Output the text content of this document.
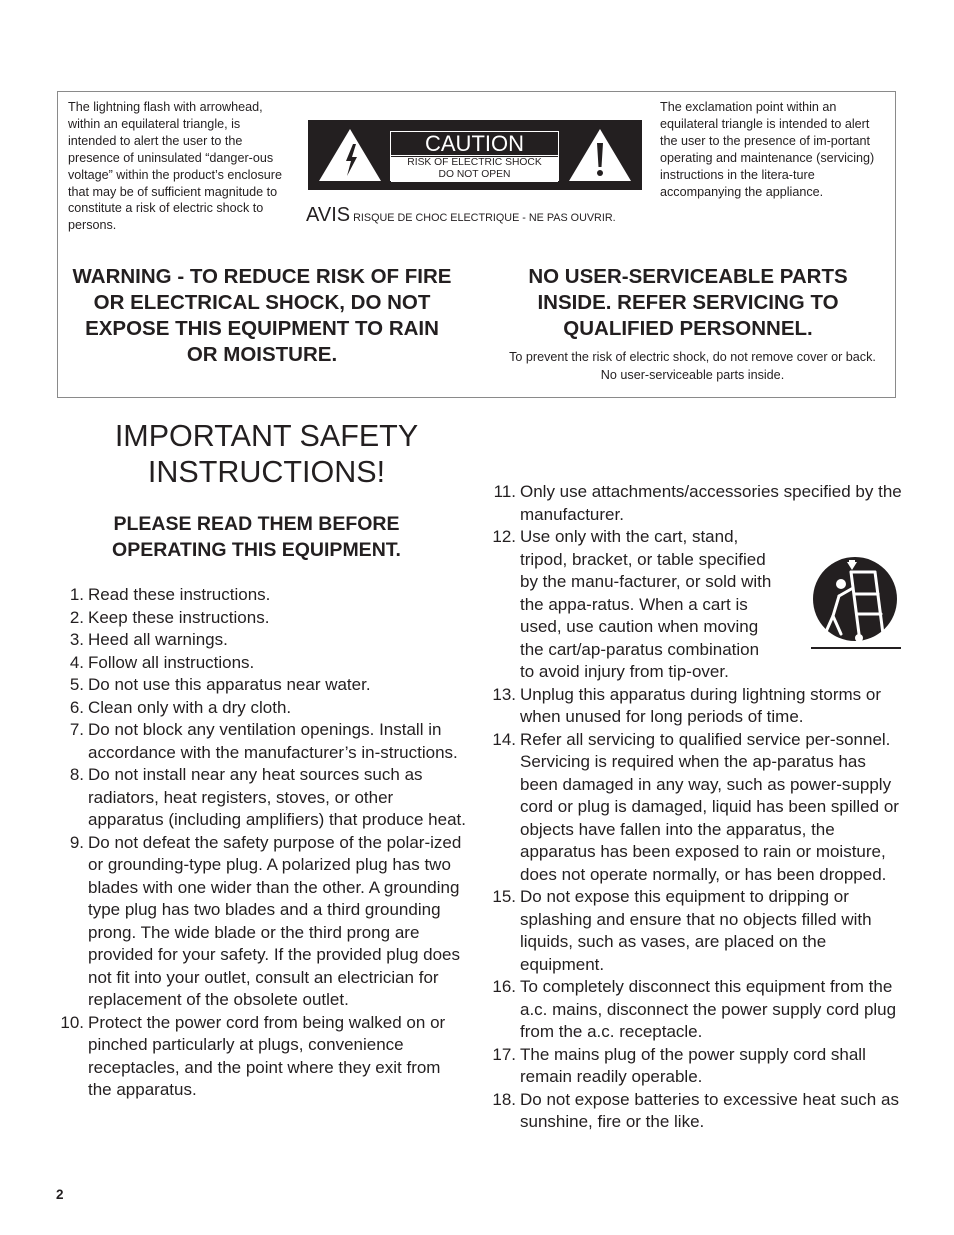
The lightning flash with arrowhead, within an equilateral triangle, is intended to alert the user to the presence of uninsulated “danger-ous voltage” within the product’s enclosure that may be of sufficient magnitude to constitute a risk of electric shock to persons.

CAUTION
RISK OF ELECTRIC SHOCK
DO NOT OPEN
AVIS RISQUE DE CHOC ELECTRIQUE - NE PAS OUVRIR.

The exclamation point within an equilateral triangle is intended to alert the user to the presence of im-portant operating and maintenance (servicing) instructions in the litera-ture accompanying the appliance.

WARNING - TO REDUCE RISK OF FIRE OR ELECTRICAL SHOCK, DO NOT EXPOSE THIS EQUIPMENT TO RAIN OR MOISTURE.

NO USER-SERVICEABLE PARTS INSIDE. REFER SERVICING TO QUALIFIED PERSONNEL.

To prevent the risk of electric shock, do not remove cover or back. No user-serviceable parts inside.

IMPORTANT SAFETY INSTRUCTIONS!
PLEASE READ THEM BEFORE OPERATING THIS EQUIPMENT.
1. Read these instructions.
2. Keep these instructions.
3. Heed all warnings.
4. Follow all instructions.
5. Do not use this apparatus near water.
6. Clean only with a dry cloth.
7. Do not block any ventilation openings. Install in accordance with the manufacturer’s in-structions.
8. Do not install near any heat sources such as radiators, heat registers, stoves, or other apparatus (including amplifiers) that produce heat.
9. Do not defeat the safety purpose of the polar-ized or grounding-type plug. A polarized plug has two blades with one wider than the other. A grounding type plug has two blades and a third grounding prong. The wide blade or the third prong are provided for your safety. If the provided plug does not fit into your outlet, consult an electrician for replacement of the obsolete outlet.
10. Protect the power cord from being walked on or pinched particularly at plugs, convenience receptacles, and the point where they exit from the apparatus.
11. Only use attachments/accessories specified by the manufacturer.
12. Use only with the cart, stand, tripod, bracket, or table specified by the manu-facturer, or sold with the appa-ratus. When a cart is used, use caution when moving the cart/ap-paratus combination to avoid injury from tip-over.
13. Unplug this apparatus during lightning storms or when unused for long periods of time.
14. Refer all servicing to qualified service per-sonnel. Servicing is required when the ap-paratus has been damaged in any way, such as power-supply cord or plug is damaged, liquid has been spilled or objects have fallen into the apparatus, the apparatus has been exposed to rain or moisture, does not operate normally, or has been dropped.
15. Do not expose this equipment to dripping or splashing and ensure that no objects filled with liquids, such as vases, are placed on the equipment.
16. To completely disconnect this equipment from the a.c. mains, disconnect the power supply cord plug from the a.c. receptacle.
17. The mains plug of the power supply cord shall remain readily operable.
18. Do not expose batteries to excessive heat such as sunshine, fire or the like.
2
